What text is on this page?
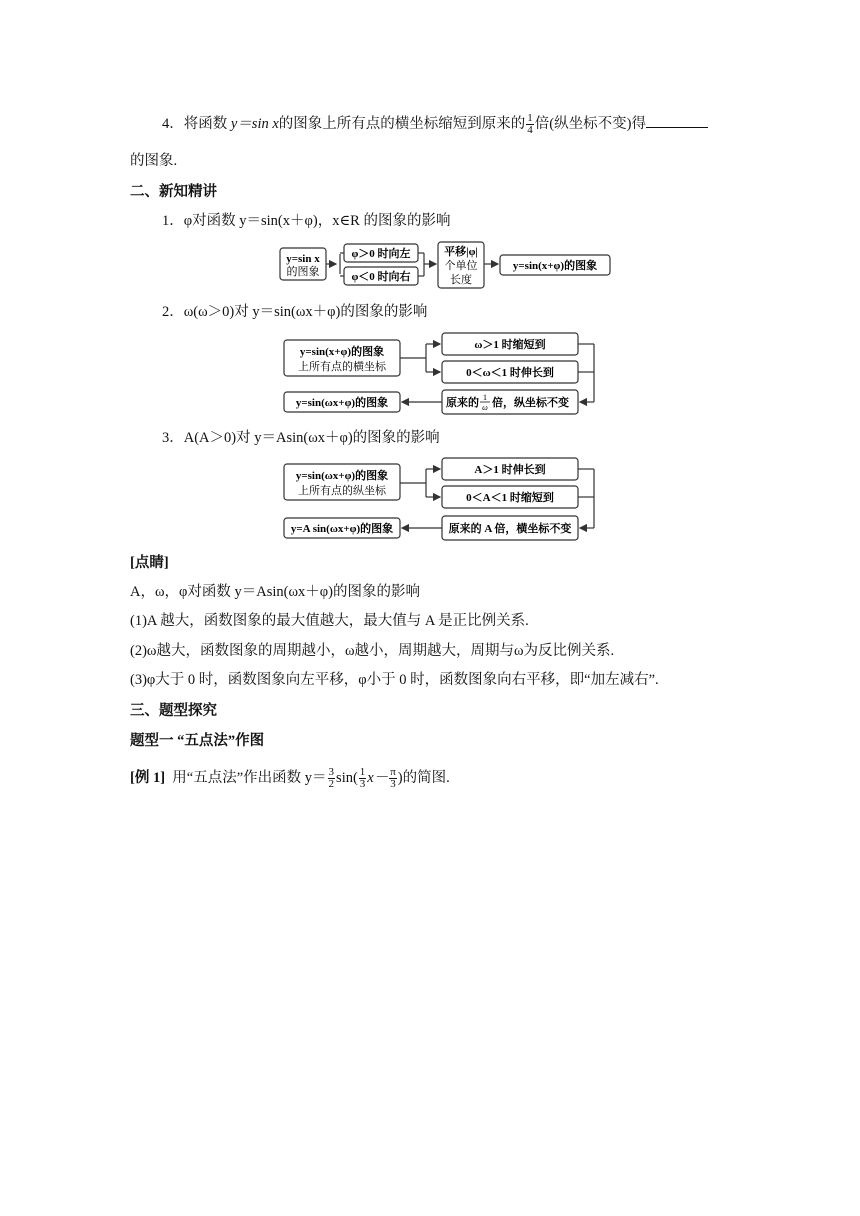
4．将函数 y＝sin x的图象上所有点的横坐标缩短到原来的 $\frac{1}{4}$ 倍(纵坐标不变)得
的图象.
二、新知精讲
1．φ对函数 y＝sin(x＋φ)，x∈R 的图象的影响
y=sin x
的图象
φ＞0 时向左
φ＜0 时向右
平移|φ|
个单位
长度
y=sin(x+φ)的图象
2．ω(ω＞0)对 y＝sin(ωx＋φ)的图象的影响
y=sin(x+φ)的图象
上所有点的横坐标
ω＞1 时缩短到
0＜ω＜1 时伸长到
原来的 1
ω 倍，纵坐标不变
y=sin(ωx+φ)的图象
3．A(A＞0)对 y＝Asin(ωx＋φ)的图象的影响
y=sin(ωx+φ)的图象
上所有点的纵坐标
A＞1 时伸长到
0＜A＜1 时缩短到
原来的 A 倍，横坐标不变
y=A sin(ωx+φ)的图象
[点睛]
A，ω，φ对函数 y＝Asin(ωx＋φ)的图象的影响
(1)A 越大，函数图象的最大值越大，最大值与 A 是正比例关系.
(2)ω越大，函数图象的周期越小，ω越小，周期越大，周期与ω为反比例关系.
(3)φ大于 0 时，函数图象向左平移，φ小于 0 时，函数图象向右平移，即“加左减右”.
三、题型探究
题型一 “五点法”作图
[例 1] 用“五点法”作出函数 $y= \frac{3}{2} \sin( \frac{1}{3} x- \frac{\pi}{3}$ )的简图.
